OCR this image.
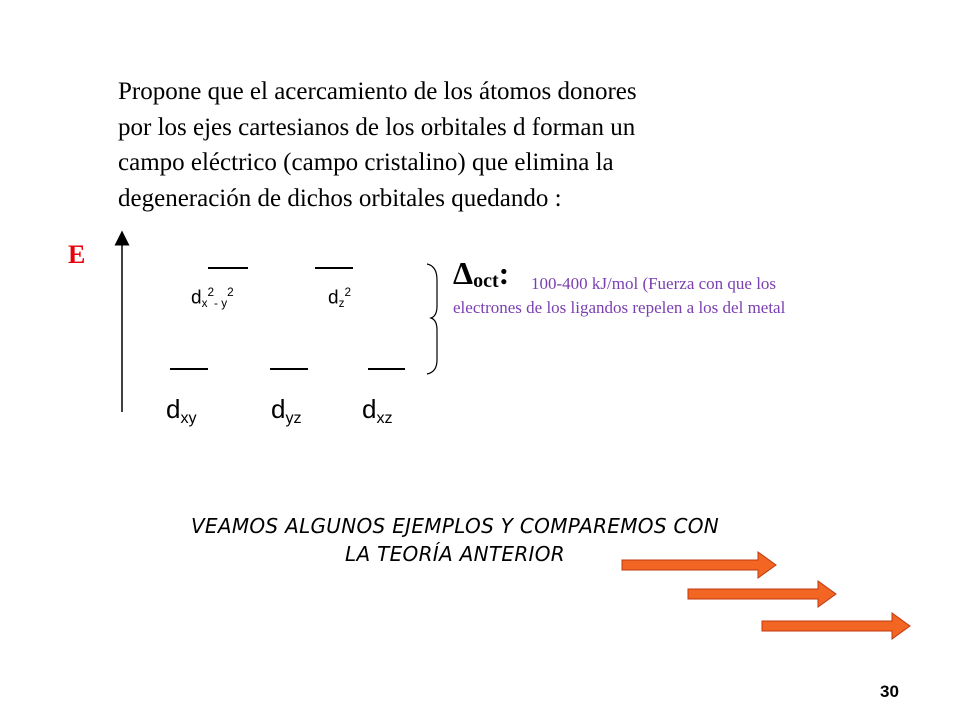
Propone que el acercamiento de los átomos donores
por los ejes cartesianos de los orbitales d forman un
campo eléctrico (campo cristalino) que elimina la
degeneración de dichos orbitales quedando :

E
$d_x^2_-$ $_y^2$	$d_z^2$
$d_{xy}$	$d_{yz}$ $d_{xz}$
$\Delta_{oct}$:	100-400 kJ/mol (Fuerza con que los
electrones de los ligandos repelen a los del metal

VEAMOS ALGUNOS EJEMPLOS Y COMPAREMOS CON
LA TEORÍA ANTERIOR

30
